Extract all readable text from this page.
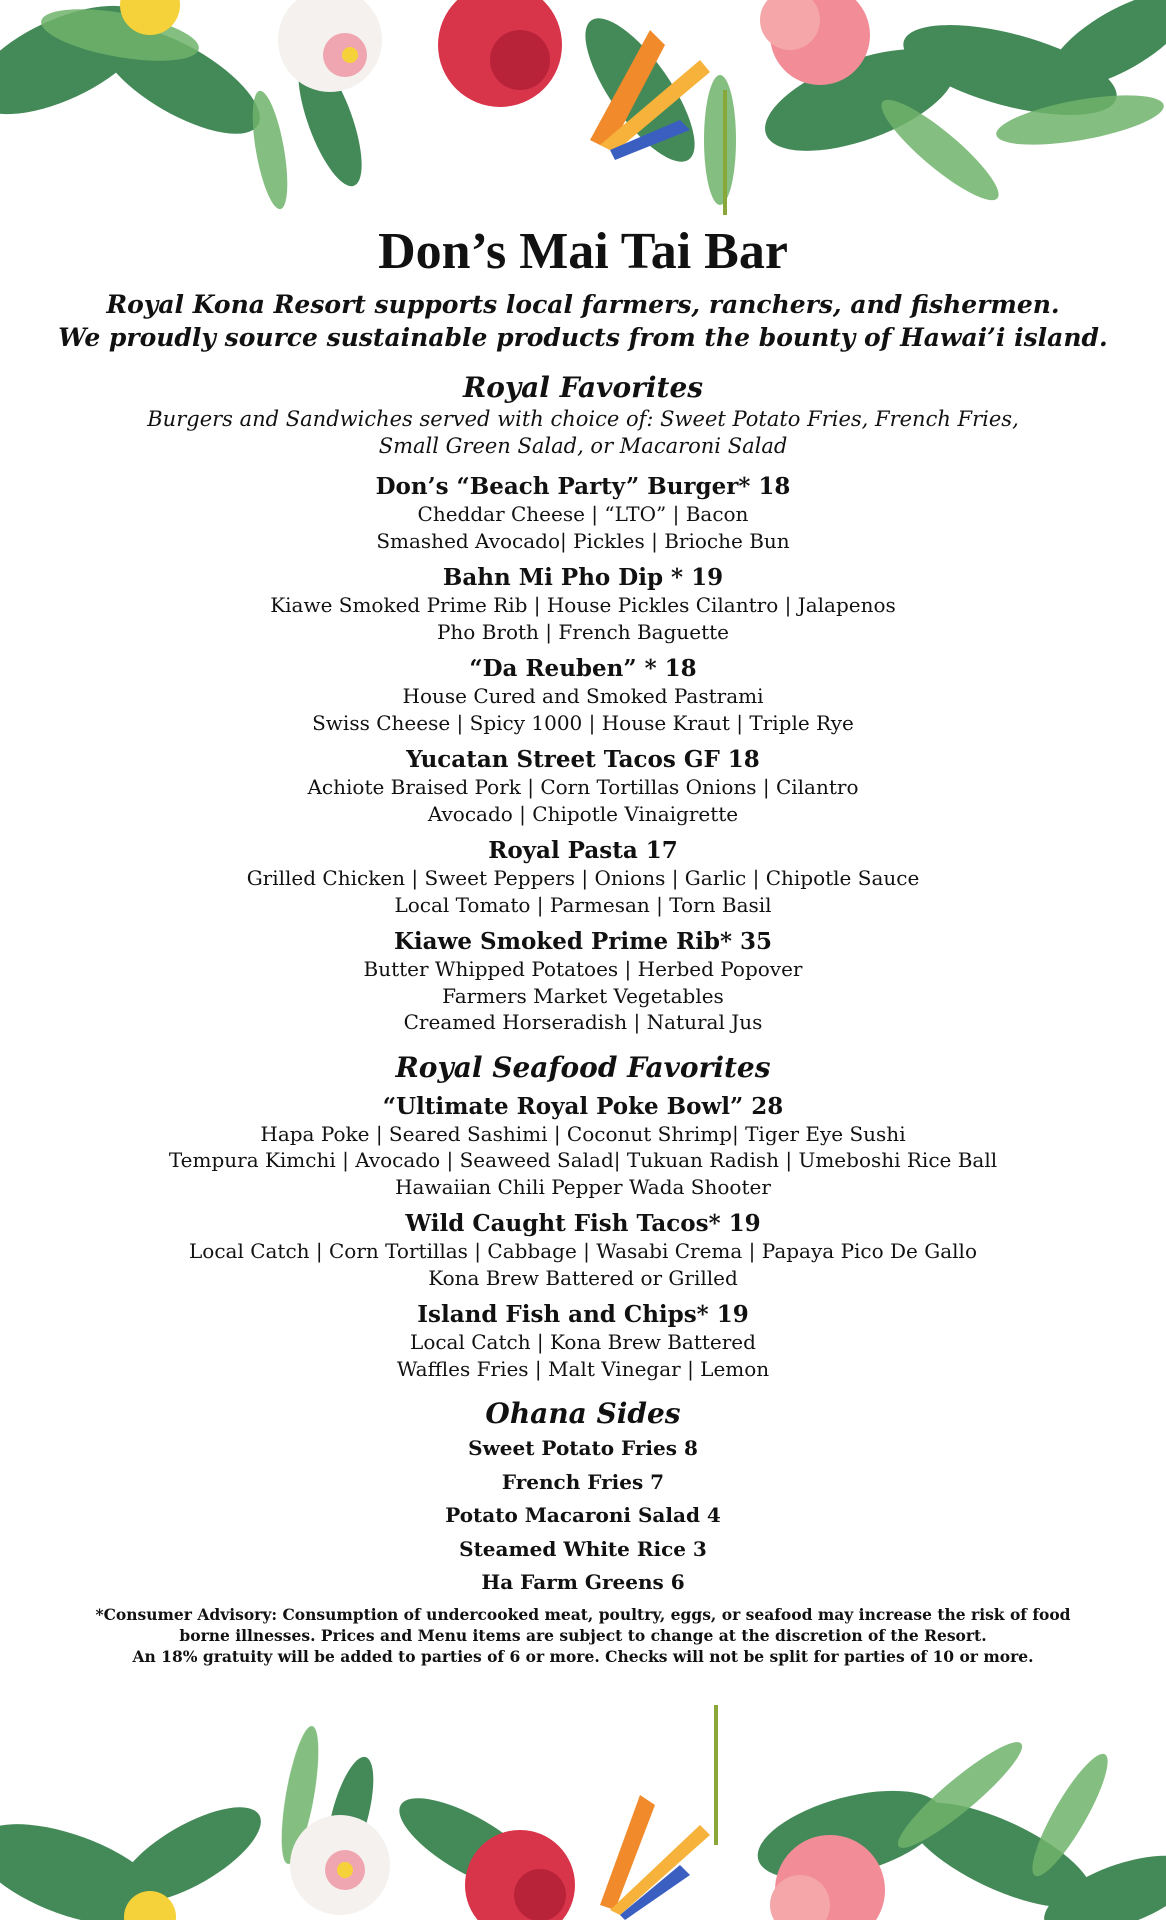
Don’s Mai Tai Bar

Royal Kona Resort supports local farmers, ranchers, and fishermen.

We proudly source sustainable products from the bounty of Hawai’i island.

Royal Favorites

Burgers and Sandwiches served with choice of: Sweet Potato Fries, French Fries,

Small Green Salad, or Macaroni Salad

Don’s “Beach Party” Burger* 18

Cheddar Cheese | “LTO” | Bacon

Smashed Avocado| Pickles | Brioche Bun

Bahn Mi Pho Dip * 19

Kiawe Smoked Prime Rib | House Pickles Cilantro | Jalapenos

Pho Broth | French Baguette

“Da Reuben” * 18

House Cured and Smoked Pastrami

Swiss Cheese | Spicy 1000 | House Kraut | Triple Rye

Yucatan Street Tacos GF 18

Achiote Braised Pork | Corn Tortillas Onions | Cilantro

Avocado | Chipotle Vinaigrette

Royal Pasta 17

Grilled Chicken | Sweet Peppers | Onions | Garlic | Chipotle Sauce

Local Tomato | Parmesan | Torn Basil

Kiawe Smoked Prime Rib* 35

Butter Whipped Potatoes | Herbed Popover

Farmers Market Vegetables

Creamed Horseradish | Natural Jus

Royal Seafood Favorites

“Ultimate Royal Poke Bowl” 28

Hapa Poke | Seared Sashimi | Coconut Shrimp| Tiger Eye Sushi

Tempura Kimchi | Avocado | Seaweed Salad| Tukuan Radish | Umeboshi Rice Ball

Hawaiian Chili Pepper Wada Shooter

Wild Caught Fish Tacos* 19

Local Catch | Corn Tortillas | Cabbage | Wasabi Crema | Papaya Pico De Gallo

Kona Brew Battered or Grilled

Island Fish and Chips* 19

Local Catch | Kona Brew Battered

Waffles Fries | Malt Vinegar | Lemon

Ohana Sides

Sweet Potato Fries 8

French Fries 7

Potato Macaroni Salad 4

Steamed White Rice 3

Ha Farm Greens 6

*Consumer Advisory: Consumption of undercooked meat, poultry, eggs, or seafood may increase the risk of food

borne illnesses. Prices and Menu items are subject to change at the discretion of the Resort.

An 18% gratuity will be added to parties of 6 or more. Checks will not be split for parties of 10 or more.
